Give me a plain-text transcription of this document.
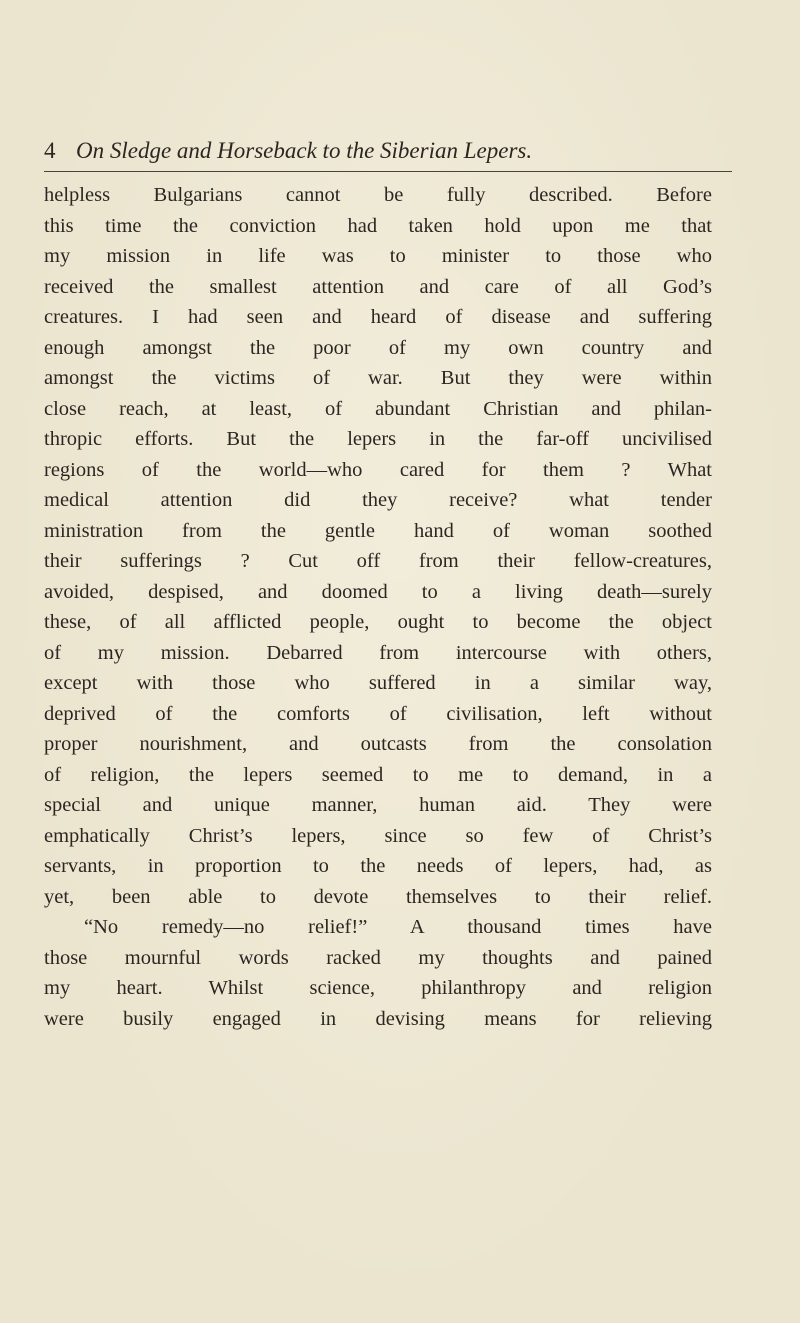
4 On Sledge and Horseback to the Siberian Lepers.
helpless Bulgarians cannot be fully described. Before
this time the conviction had taken hold upon me that
my mission in life was to minister to those who
received the smallest attention and care of all God’s
creatures. I had seen and heard of disease and suffering
enough amongst the poor of my own country and
amongst the victims of war. But they were within
close reach, at least, of abundant Christian and philan-
thropic efforts. But the lepers in the far-off uncivilised
regions of the world—who cared for them ? What
medical attention did they receive? what tender
ministration from the gentle hand of woman soothed
their sufferings ? Cut off from their fellow-creatures,
avoided, despised, and doomed to a living death—surely
these, of all afflicted people, ought to become the object
of my mission. Debarred from intercourse with others,
except with those who suffered in a similar way,
deprived of the comforts of civilisation, left without
proper nourishment, and outcasts from the consolation
of religion, the lepers seemed to me to demand, in a
special and unique manner, human aid. They were
emphatically Christ’s lepers, since so few of Christ’s
servants, in proportion to the needs of lepers, had, as
yet, been able to devote themselves to their relief.
“No remedy—no relief!” A thousand times have
those mournful words racked my thoughts and pained
my heart. Whilst science, philanthropy and religion
were busily engaged in devising means for relieving
